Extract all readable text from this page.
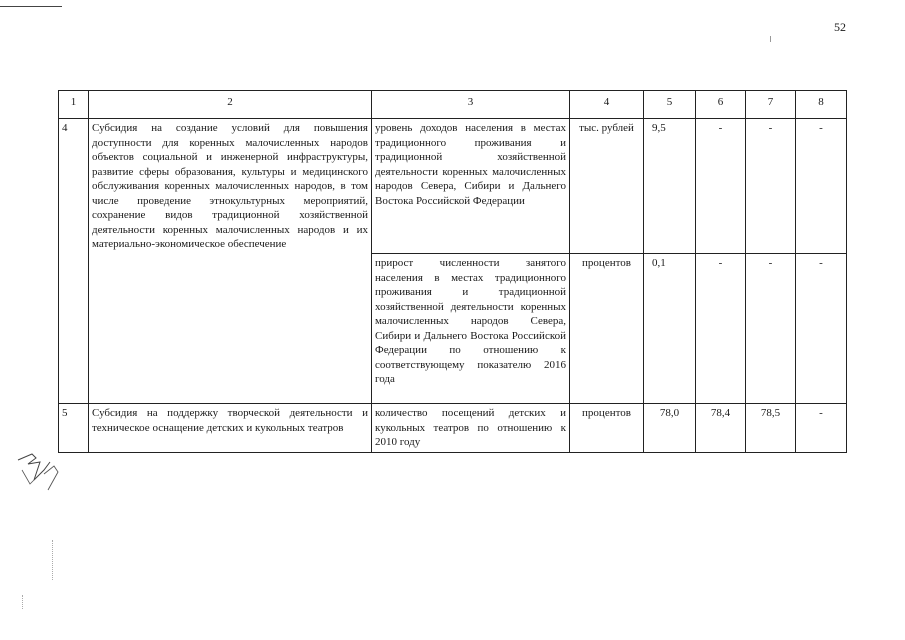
52
1	2	3	4	5	6	7	8
4	Субсидия на создание условий для повышения доступности для коренных малочисленных народов объектов социальной и инженерной инфраструктуры, развитие сферы образования, культуры и медицинского обслуживания коренных малочисленных народов, в том числе проведение этнокультурных мероприятий, сохранение видов традиционной хозяйственной деятельности коренных малочисленных народов и их материально-экономическое обеспечение	уровень доходов населения в местах традиционного проживания и традиционной хозяйственной деятельности коренных малочисленных народов Севера, Сибири и Дальнего Востока Российской Федерации	тыс. рублей	9,5	-	-	-
		прирост численности занятого населения в местах традиционного проживания и традиционной хозяйственной деятельности коренных малочисленных народов Севера, Сибири и Дальнего Востока Российской Федерации по отношению к соответствующему показателю 2016 года	процентов	0,1	-	-	-
5	Субсидия на поддержку творческой деятельности и техническое оснащение детских и кукольных театров	количество посещений детских и кукольных театров по отношению к 2010 году	процентов	78,0	78,4	78,5	-
